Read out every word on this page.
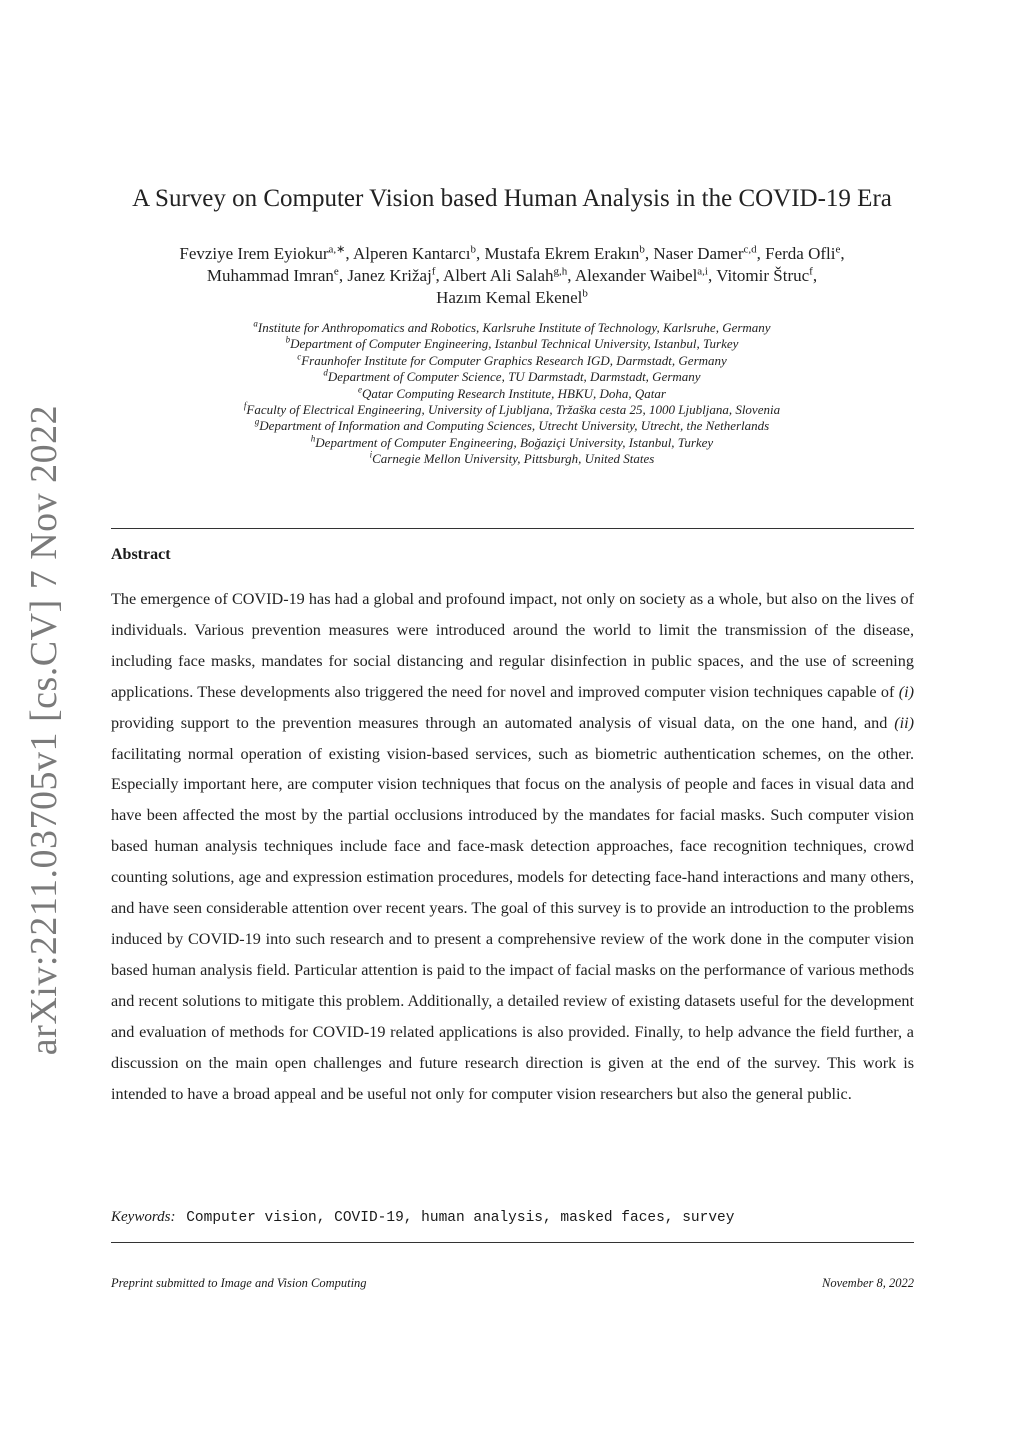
arXiv:2211.03705v1 [cs.CV] 7 Nov 2022
A Survey on Computer Vision based Human Analysis in the COVID-19 Era
Fevziye Irem Eyiokur$^{a,∗}$, Alperen Kantarcı$^b$, Mustafa Ekrem Erakın$^b$, Naser Damer$^{c,d}$, Ferda Ofli$^e$,
Muhammad Imran$^e$, Janez Križaj$^f$, Albert Ali Salah$^{g,h}$, Alexander Waibel$^{a,i}$, Vitomir Štruc$^f$,
Hazım Kemal Ekenel$^b$
$^a$Institute for Anthropomatics and Robotics, Karlsruhe Institute of Technology, Karlsruhe, Germany
$^b$Department of Computer Engineering, Istanbul Technical University, Istanbul, Turkey
$^c$Fraunhofer Institute for Computer Graphics Research IGD, Darmstadt, Germany
$^d$Department of Computer Science, TU Darmstadt, Darmstadt, Germany
$^e$Qatar Computing Research Institute, HBKU, Doha, Qatar
$^f$Faculty of Electrical Engineering, University of Ljubljana, Tržaška cesta 25, 1000 Ljubljana, Slovenia
$^g$Department of Information and Computing Sciences, Utrecht University, Utrecht, the Netherlands
$^h$Department of Computer Engineering, Boğaziçi University, Istanbul, Turkey
$^i$Carnegie Mellon University, Pittsburgh, United States
Abstract
The emergence of COVID-19 has had a global and profound impact, not only on society as a whole, but also on the lives of individuals. Various prevention measures were introduced around the world to limit the transmission of the disease, including face masks, mandates for social distancing and regular disinfection in public spaces, and the use of screening applications. These developments also triggered the need for novel and improved computer vision techniques capable of (i) providing support to the prevention measures through an automated analysis of visual data, on the one hand, and (ii) facilitating normal operation of existing vision-based services, such as biometric authentication schemes, on the other. Especially important here, are computer vision techniques that focus on the analysis of people and faces in visual data and have been affected the most by the partial occlusions introduced by the mandates for facial masks. Such computer vision based human analysis techniques include face and face-mask detection approaches, face recognition techniques, crowd counting solutions, age and expression estimation procedures, models for detecting face-hand interactions and many others, and have seen considerable attention over recent years. The goal of this survey is to provide an introduction to the problems induced by COVID-19 into such research and to present a comprehensive review of the work done in the computer vision based human analysis field. Particular attention is paid to the impact of facial masks on the performance of various methods and recent solutions to mitigate this problem. Additionally, a detailed review of existing datasets useful for the development and evaluation of methods for COVID-19 related applications is also provided. Finally, to help advance the field further, a discussion on the main open challenges and future research direction is given at the end of the survey. This work is intended to have a broad appeal and be useful not only for computer vision researchers but also the general public.
Keywords: Computer vision, COVID-19, human analysis, masked faces, survey
Preprint submitted to Image and Vision Computing	November 8, 2022
